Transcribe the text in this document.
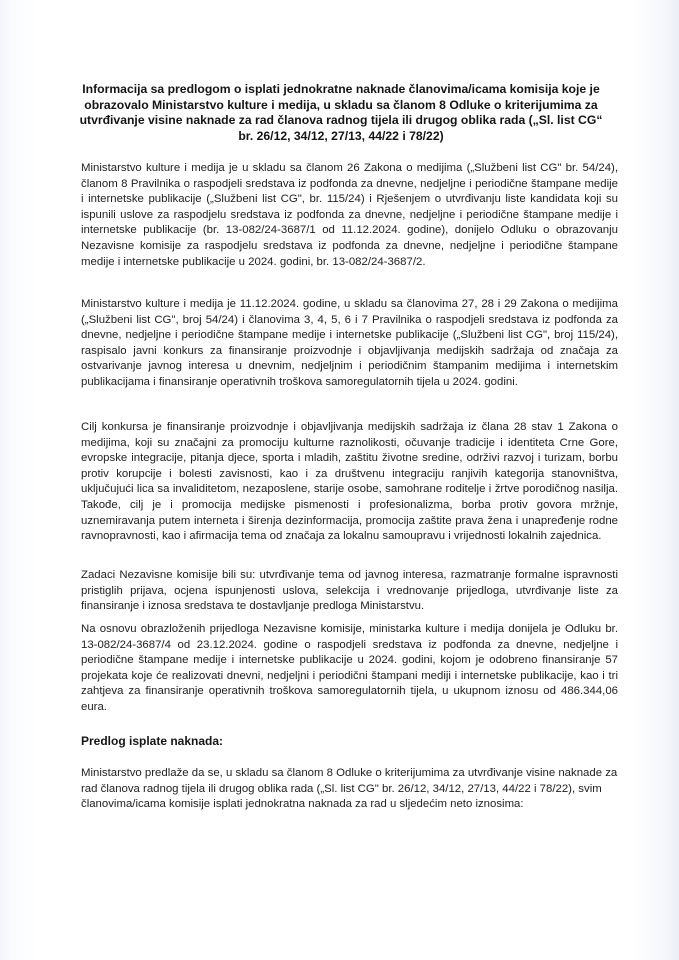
Informacija sa predlogom o isplati jednokratne naknade članovima/icama komisija koje je obrazovalo Ministarstvo kulture i medija, u skladu sa članom 8 Odluke o kriterijumima za utvrđivanje visine naknade za rad članova radnog tijela ili drugog oblika rada („Sl. list CG“ br. 26/12, 34/12, 27/13, 44/22 i 78/22)
Ministarstvo kulture i medija je u skladu sa članom 26 Zakona o medijima („Službeni list CG" br. 54/24), članom 8 Pravilnika o raspodjeli sredstava iz podfonda za dnevne, nedjeljne i periodične štampane medije i internetske publikacije („Službeni list CG", br. 115/24) i Rješenjem o utvrđivanju liste kandidata koji su ispunili uslove za raspodjelu sredstava iz podfonda za dnevne, nedjeljne i periodične štampane medije i internetske publikacije (br. 13-082/24-3687/1 od 11.12.2024. godine), donijelo Odluku o obrazovanju Nezavisne komisije za raspodjelu sredstava iz podfonda za dnevne, nedjeljne i periodične štampane medije i internetske publikacije u 2024. godini, br. 13-082/24-3687/2.
Ministarstvo kulture i medija je 11.12.2024. godine, u skladu sa članovima 27, 28 i 29 Zakona o medijima („Službeni list CG", broj 54/24) i članovima 3, 4, 5, 6 i 7 Pravilnika o raspodjeli sredstava iz podfonda za dnevne, nedjeljne i periodične štampane medije i internetske publikacije („Službeni list CG", broj 115/24), raspisalo javni konkurs za finansiranje proizvodnje i objavljivanja medijskih sadržaja od značaja za ostvarivanje javnog interesa u dnevnim, nedjeljnim i periodičnim štampanim medijima i internetskim publikacijama i finansiranje operativnih troškova samoregulatornih tijela u 2024. godini.
Cilj konkursa je finansiranje proizvodnje i objavljivanja medijskih sadržaja iz člana 28 stav 1 Zakona o medijima, koji su značajni za promociju kulturne raznolikosti, očuvanje tradicije i identiteta Crne Gore, evropske integracije, pitanja djece, sporta i mladih, zaštitu životne sredine, održivi razvoj i turizam, borbu protiv korupcije i bolesti zavisnosti, kao i za društvenu integraciju ranjivih kategorija stanovništva, uključujući lica sa invaliditetom, nezaposlene, starije osobe, samohrane roditelje i žrtve porodičnog nasilja. Takođe, cilj je i promocija medijske pismenosti i profesionalizma, borba protiv govora mržnje, uznemiravanja putem interneta i širenja dezinformacija, promocija zaštite prava žena i unapređenje rodne ravnopravnosti, kao i afirmacija tema od značaja za lokalnu samoupravu i vrijednosti lokalnih zajednica.
Zadaci Nezavisne komisije bili su: utvrđivanje tema od javnog interesa, razmatranje formalne ispravnosti pristiglih prijava, ocjena ispunjenosti uslova, selekcija i vrednovanje prijedloga, utvrđivanje liste za finansiranje i iznosa sredstava te dostavljanje predloga Ministarstvu.
Na osnovu obrazloženih prijedloga Nezavisne komisije, ministarka kulture i medija donijela je Odluku br. 13-082/24-3687/4 od 23.12.2024. godine o raspodjeli sredstava iz podfonda za dnevne, nedjeljne i periodične štampane medije i internetske publikacije u 2024. godini, kojom je odobreno finansiranje 57 projekata koje će realizovati dnevni, nedjeljni i periodični štampani mediji i internetske publikacije, kao i tri zahtjeva za finansiranje operativnih troškova samoregulatornih tijela, u ukupnom iznosu od 486.344,06 eura.
Predlog isplate naknada:
Ministarstvo predlaže da se, u skladu sa članom 8 Odluke o kriterijumima za utvrđivanje visine naknade za rad članova radnog tijela ili drugog oblika rada („Sl. list CG" br. 26/12, 34/12, 27/13, 44/22 i 78/22), svim članovima/icama komisije isplati jednokratna naknada za rad u sljedećim neto iznosima:
